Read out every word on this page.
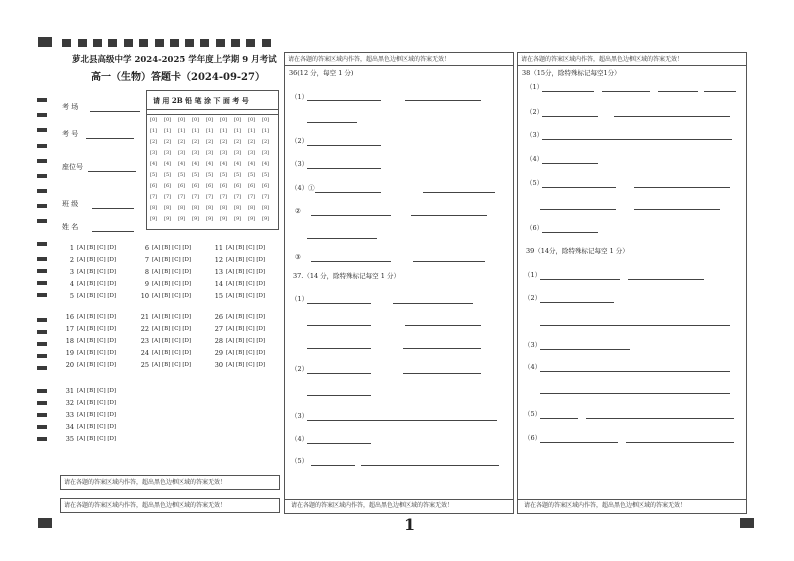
萝北县高级中学 2024-2025 学年度上学期 9 月考试
高一（生物）答题卡（2024-09-27）
考 场
考 号
座位号
班 级
姓 名
请 用 2B 铅 笔 涂 下 面 考 号
[0] [0] [0] [0] [0] [0] [0] [0] [0]
[1] [1] [1] [1] [1] [1] [1] [1] [1]
[2] [2] [2] [2] [2] [2] [2] [2] [2]
[3] [3] [3] [3] [3] [3] [3] [3] [3]
[4] [4] [4] [4] [4] [4] [4] [4] [4]
[5] [5] [5] [5] [5] [5] [5] [5] [5]
[6] [6] [6] [6] [6] [6] [6] [6] [6]
[7] [7] [7] [7] [7] [7] [7] [7] [7]
[8] [8] [8] [8] [8] [8] [8] [8] [8]
[9] [9] [9] [9] [9] [9] [9] [9] [9]
1 [A] [B] [C] [D]
2 [A] [B] [C] [D]
3 [A] [B] [C] [D]
4 [A] [B] [C] [D]
5 [A] [B] [C] [D]
6 [A] [B] [C] [D]
7 [A] [B] [C] [D]
8 [A] [B] [C] [D]
9 [A] [B] [C] [D]
10 [A] [B] [C] [D]
11 [A] [B] [C] [D]
12 [A] [B] [C] [D]
13 [A] [B] [C] [D]
14 [A] [B] [C] [D]
15 [A] [B] [C] [D]
16 [A] [B] [C] [D]
17 [A] [B] [C] [D]
18 [A] [B] [C] [D]
19 [A] [B] [C] [D]
20 [A] [B] [C] [D]
21 [A] [B] [C] [D]
22 [A] [B] [C] [D]
23 [A] [B] [C] [D]
24 [A] [B] [C] [D]
25 [A] [B] [C] [D]
26 [A] [B] [C] [D]
27 [A] [B] [C] [D]
28 [A] [B] [C] [D]
29 [A] [B] [C] [D]
30 [A] [B] [C] [D]
31 [A] [B] [C] [D]
32 [A] [B] [C] [D]
33 [A] [B] [C] [D]
34 [A] [B] [C] [D]
35 [A] [B] [C] [D]
请在各题的答案区域内作答，超出黑色边框区域的答案无效！
请在各题的答案区域内作答，超出黑色边框区域的答案无效！
请在各题的答案区域内作答，超出黑色边框区域的答案无效！
36(12 分，每空 1 分)
（1）
（2）
（3）
（4）①
②
③
（1）
（2）
（3）
（4）
（5）
37.（14 分，除特殊标记每空 1 分）
请在各题的答案区域内作答，超出黑色边框区域的答案无效！
请在各题的答案区域内作答，超出黑色边框区域的答案无效！
38（15分，除特殊标记每空1分）
（1）
（2）
（3）
（4）
（5）
（6）
（1）
（2）
（3）
（4）
（5）
（6）
39（14分，除特殊标记每空 1 分）
请在各题的答案区域内作答，超出黑色边框区域的答案无效！
1
